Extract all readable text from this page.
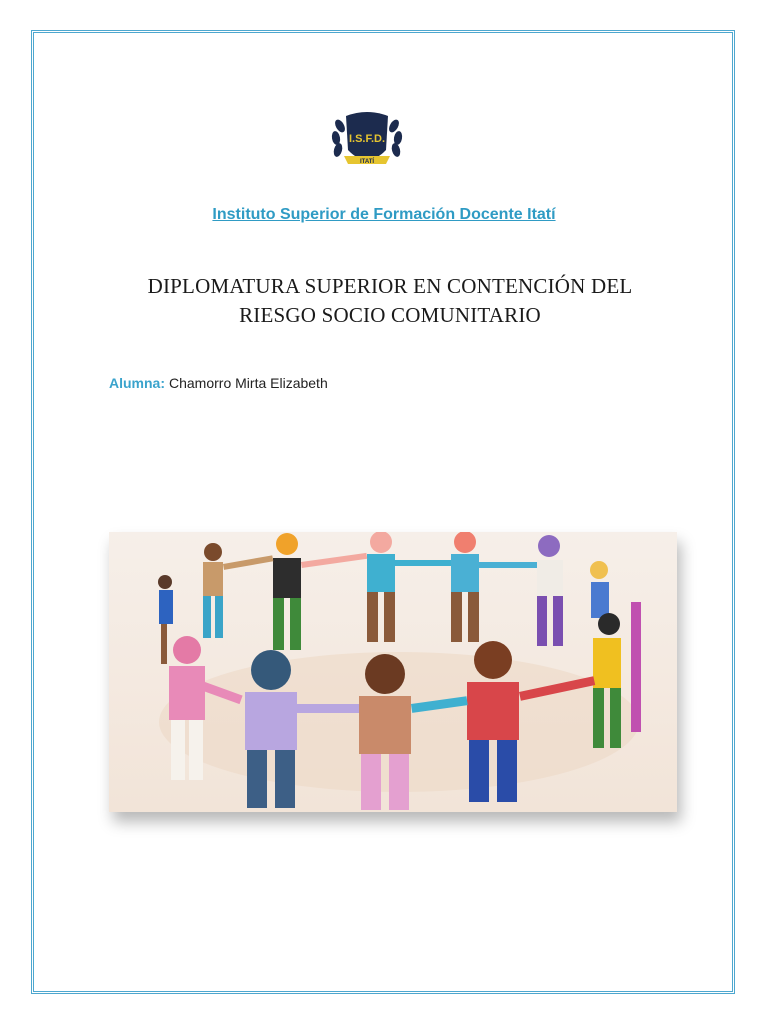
I.S.F.D.
ITATÍ
Instituto Superior de Formación Docente Itatí
DIPLOMATURA SUPERIOR EN CONTENCIÓN DEL
RIESGO SOCIO COMUNITARIO
Alumna: Chamorro Mirta Elizabeth
